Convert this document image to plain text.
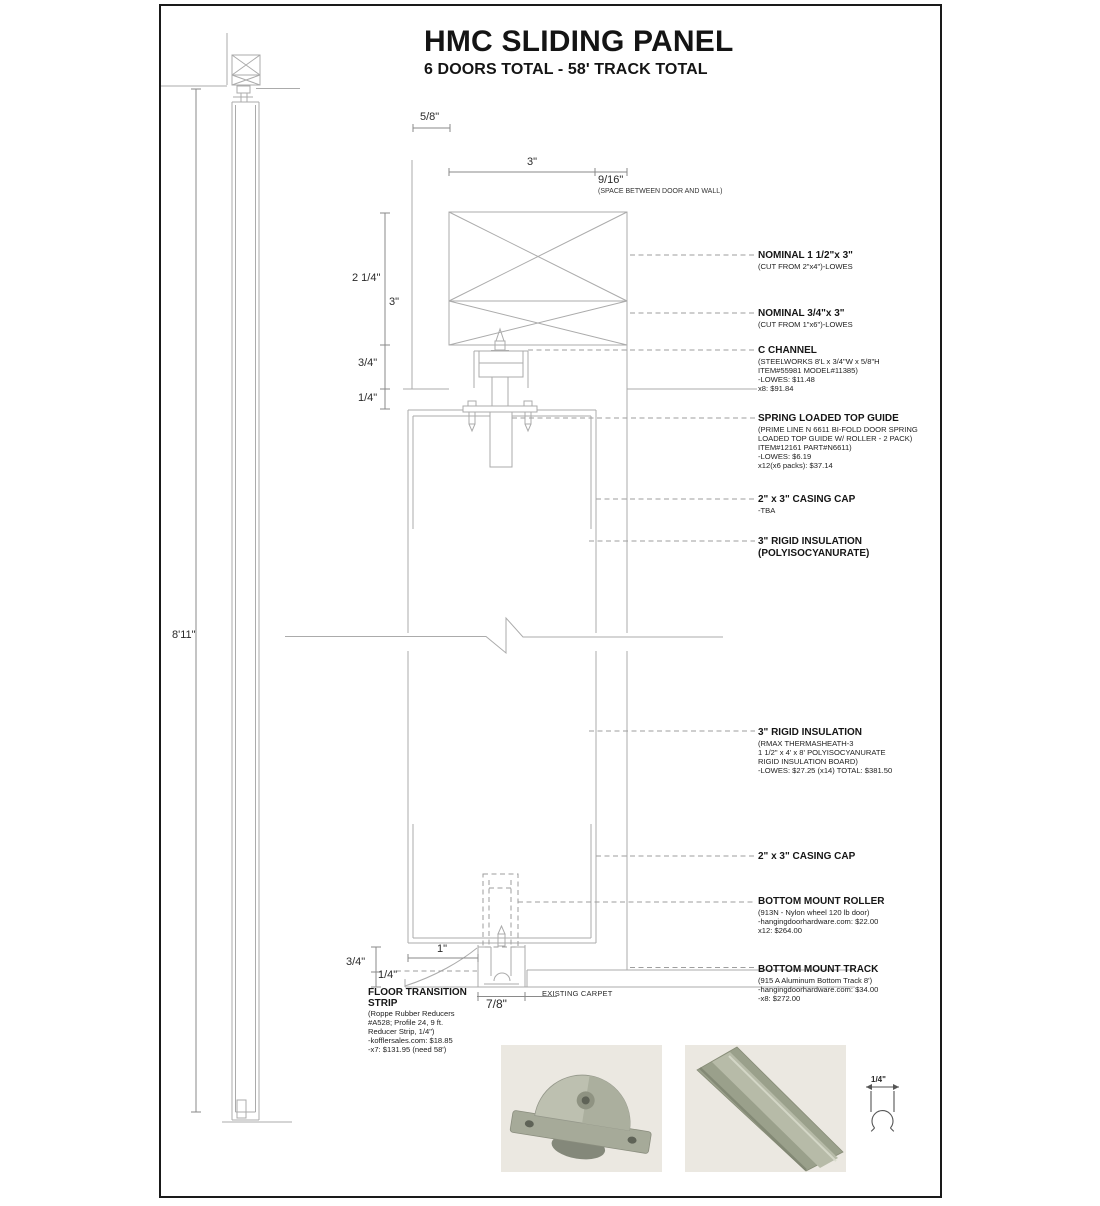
HMC SLIDING PANEL
6 DOORS TOTAL - 58' TRACK TOTAL
8'11"
5/8"
3"
9/16"
(SPACE BETWEEN DOOR AND WALL)
2 1/4"
3"
3/4"
1/4"
3/4"
1/4"
1"
7/8"
EXISTING CARPET
1/4"
FLOOR TRANSITION STRIP
(Roppe Rubber Reducers
#A528; Profile 24, 9 ft.
Reducer Strip, 1/4")
-kofflersales.com: $18.85
-x7: $131.95 (need 58')
NOMINAL 1 1/2"x 3"
(CUT FROM 2"x4")-LOWES
NOMINAL 3/4"x 3"
(CUT FROM 1"x6")-LOWES
C CHANNEL
(STEELWORKS 8'L x 3/4"W x 5/8"H
ITEM#55981 MODEL#11385)
-LOWES: $11.48
x8: $91.84
SPRING LOADED TOP GUIDE
(PRIME LINE N 6611 BI-FOLD DOOR SPRING
LOADED TOP GUIDE W/ ROLLER - 2 PACK)
ITEM#12161 PART#N6611)
-LOWES: $6.19
x12(x6 packs): $37.14
2" x 3" CASING CAP
-TBA
3" RIGID INSULATION
(POLYISOCYANURATE)
3" RIGID INSULATION
(RMAX THERMASHEATH-3
1 1/2" x 4' x 8' POLYISOCYANURATE
RIGID INSULATION BOARD)
-LOWES: $27.25 (x14) TOTAL: $381.50
2" x 3" CASING CAP
BOTTOM MOUNT ROLLER
(913N - Nylon wheel 120 lb door)
-hangingdoorhardware.com: $22.00
x12: $264.00
BOTTOM MOUNT TRACK
(915 A Aluminum Bottom Track 8')
-hangingdoorhardware.com: $34.00
-x8: $272.00
